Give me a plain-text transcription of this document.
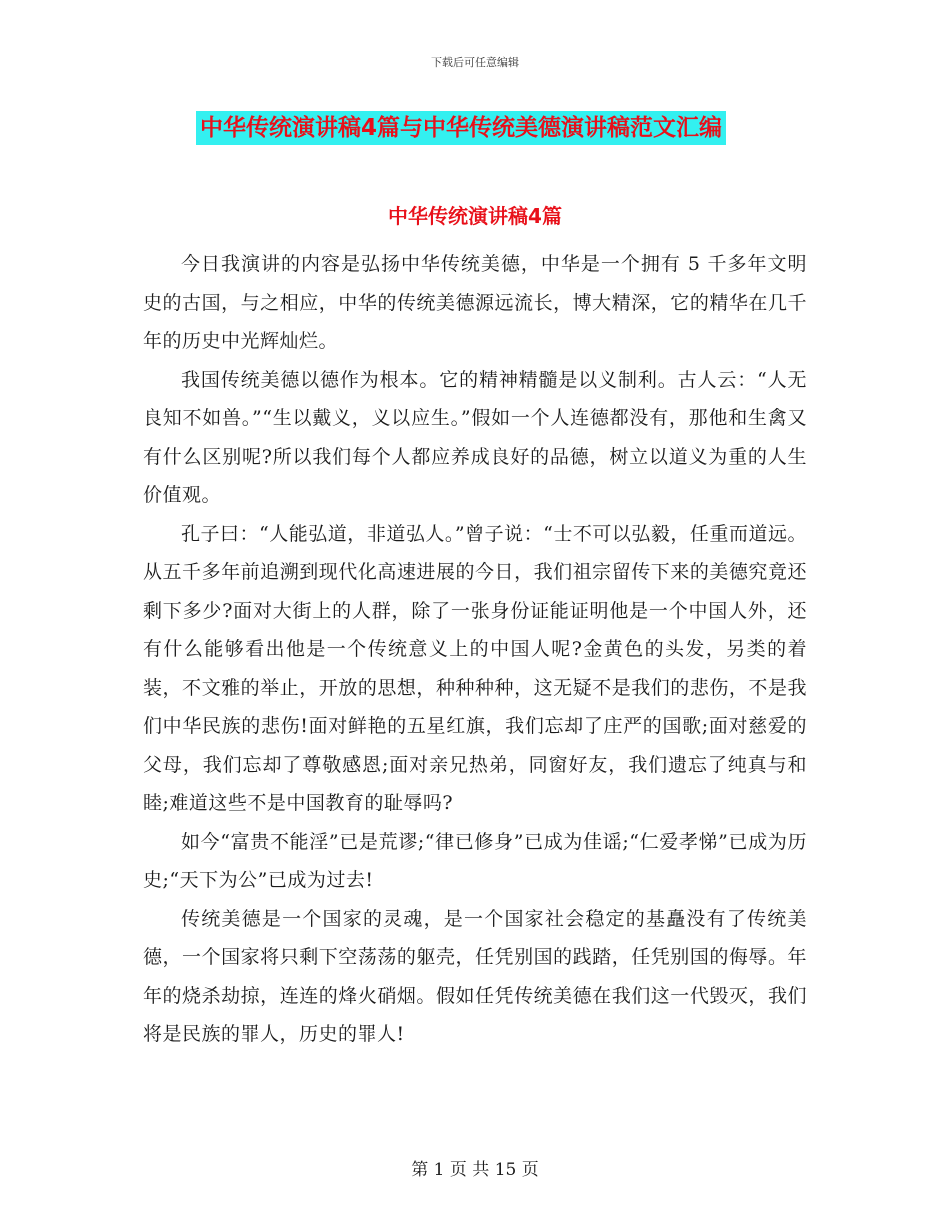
下载后可任意编辑
中华传统演讲稿4篇与中华传统美德演讲稿范文汇编
中华传统演讲稿4篇

今日我演讲的内容是弘扬中华传统美德，中华是一个拥有 5 千多年文明史的古国，与之相应，中华的传统美德源远流长，博大精深，它的精华在几千年的历史中光辉灿烂。

我国传统美德以德作为根本。它的精神精髓是以义制利。古人云：“人无良知不如兽。”“生以戴义，义以应生。”假如一个人连德都没有，那他和生禽又有什么区别呢?所以我们每个人都应养成良好的品德，树立以道义为重的人生价值观。

孔子曰：“人能弘道，非道弘人。”曾子说：“士不可以弘毅，任重而道远。从五千多年前追溯到现代化高速进展的今日，我们祖宗留传下来的美德究竟还剩下多少?面对大街上的人群，除了一张身份证能证明他是一个中国人外，还有什么能够看出他是一个传统意义上的中国人呢?金黄色的头发，另类的着装，不文雅的举止，开放的思想，种种种种，这无疑不是我们的悲伤，不是我们中华民族的悲伤!面对鲜艳的五星红旗，我们忘却了庄严的国歌;面对慈爱的父母，我们忘却了尊敬感恩;面对亲兄热弟，同窗好友，我们遗忘了纯真与和睦;难道这些不是中国教育的耻辱吗?

如今“富贵不能淫”已是荒谬;“律已修身”已成为佳谣;“仁爱孝悌”已成为历史;“天下为公”已成为过去!

传统美德是一个国家的灵魂，是一个国家社会稳定的基矗没有了传统美德，一个国家将只剩下空荡荡的躯壳，任凭别国的践踏，任凭别国的侮辱。年年的烧杀劫掠，连连的烽火硝烟。假如任凭传统美德在我们这一代毁灭，我们将是民族的罪人，历史的罪人!

第 1 页 共 15 页
